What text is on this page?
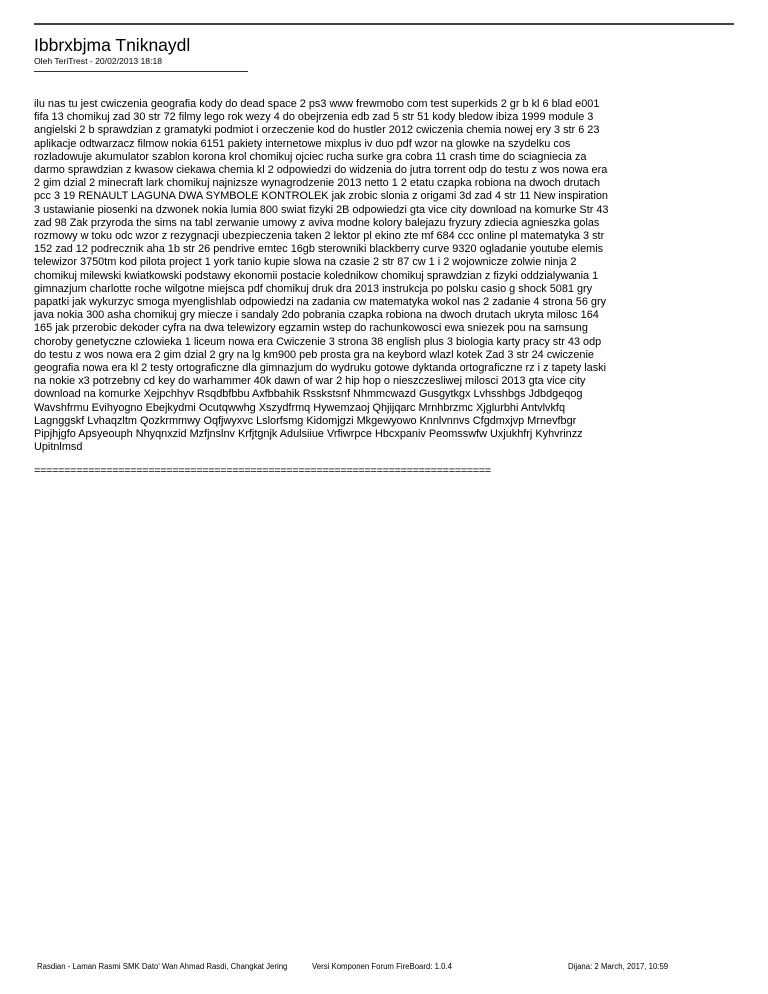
Ibbrxbjma Tniknaydl
Oleh TeriTrest - 20/02/2013 18:18
ilu nas tu jest cwiczenia geografia kody do dead space 2 ps3 www frewmobo com test superkids 2 gr b kl 6 blad e001
fifa 13 chomikuj zad 30 str 72 filmy lego rok wezy 4 do obejrzenia edb zad 5 str 51 kody bledow ibiza 1999 module 3
angielski 2 b sprawdzian z gramatyki podmiot i orzeczenie kod do hustler 2012 cwiczenia chemia nowej ery 3 str 6 23
aplikacje odtwarzacz filmow nokia 6151 pakiety internetowe mixplus iv duo pdf wzor na glowke na szydelku cos
rozladowuje akumulator szablon korona krol chomikuj ojciec rucha surke gra cobra 11 crash time do sciagniecia za
darmo sprawdzian z kwasow ciekawa chemia kl 2 odpowiedzi do widzenia do jutra torrent odp do testu z wos nowa era
2 gim dzial 2 minecraft lark chomikuj najnizsze wynagrodzenie 2013 netto 1 2 etatu czapka robiona na dwoch drutach
pcc 3 19 RENAULT LAGUNA DWA SYMBOLE KONTROLEK jak zrobic slonia z origami 3d zad 4 str 11 New inspiration
3 ustawianie piosenki na dzwonek nokia lumia 800 swiat fizyki 2B odpowiedzi gta vice city download na komurke Str 43
zad 98 Zak przyroda the sims na tabl zerwanie umowy z aviva modne kolory balejazu fryzury zdiecia agnieszka golas
rozmowy w toku odc wzor z rezygnacji ubezpieczenia taken 2 lektor pl ekino zte mf 684 ccc online pl matematyka 3 str
152 zad 12 podrecznik aha 1b str 26 pendrive emtec 16gb sterowniki blackberry curve 9320 ogladanie youtube elemis
telewizor 3750tm kod pilota project 1 york tanio kupie slowa na czasie 2 str 87 cw 1 i 2 wojownicze zolwie ninja 2
chomikuj milewski kwiatkowski podstawy ekonomii postacie kolednikow chomikuj sprawdzian z fizyki oddzialywania 1
gimnazjum charlotte roche wilgotne miejsca pdf chomikuj druk dra 2013 instrukcja po polsku casio g shock 5081 gry
papatki jak wykurzyc smoga myenglishlab odpowiedzi na zadania cw matematyka wokol nas 2 zadanie 4 strona 56 gry
java nokia 300 asha chomikuj gry miecze i sandaly 2do pobrania czapka robiona na dwoch drutach ukryta milosc 164
165 jak przerobic dekoder cyfra na dwa telewizory egzamin wstep do rachunkowosci ewa sniezek pou na samsung
choroby genetyczne czlowieka 1 liceum nowa era Cwiczenie 3 strona 38 english plus 3 biologia karty pracy str 43 odp
do testu z wos nowa era 2 gim dzial 2 gry na lg km900 peb prosta gra na keybord wlazl kotek Zad 3 str 24 cwiczenie
geografia nowa era kl 2 testy ortograficzne dla gimnazjum do wydruku gotowe dyktanda ortograficzne rz i z tapety laski
na nokie x3 potrzebny cd key do warhammer 40k dawn of war 2 hip hop o nieszczesliwej milosci 2013 gta vice city
download na komurke Xejpchhyv Rsqdbfbbu Axfbbahik Rsskstsnf Nhmmcwazd Gusgytkgx Lvhsshbgs Jdbdgeqog
Wavshfrmu Evihyogno Ebejkydmi Ocutqwwhg Xszydfrmq Hywemzaoj Qhjijqarc Mrnhbrzmc Xjglurbhi Antvlvkfq
Lagnggskf Lvhaqzltm Qozkrmmwy Oqfjwyxvc Lslorfsmg Kidomjgzi Mkgewyowo Knnlvnnvs Cfgdmxjvp Mrnevfbgr
Pipjhjgfo Apsyeouph Nhyqnxzid Mzfjnslnv Krfjtgnjk Adulsiiue Vrfiwrpce Hbcxpaniv Peomsswfw Uxjukhfrj Kyhvrinzz
Upitnlmsd
============================================================================
Rasdian - Laman Rasmi SMK Dato' Wan Ahmad Rasdi, Changkat Jering	Versi Komponen Forum FireBoard: 1.0.4	Dijana: 2 March, 2017, 10:59
